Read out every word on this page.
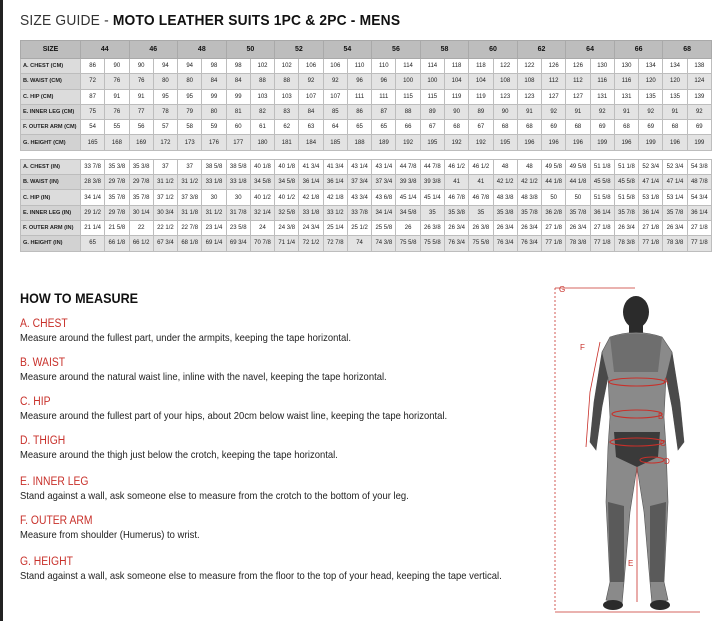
SIZE GUIDE - MOTO LEATHER SUITS 1PC & 2PC - MENS
SIZE	44		46		48		50		52		54		56		58		60		62		64		66		68	
A. CHEST (CM)	86	90	90	94	94	98	98	102	102	106	106	110	110	114	114	118	118	122	122	126	126	130	130	134	134	138
B. WAIST (CM)	72	76	76	80	80	84	84	88	88	92	92	96	96	100	100	104	104	108	108	112	112	116	116	120	120	124
C. HIP (CM)	87	91	91	95	95	99	99	103	103	107	107	111	111	115	115	119	119	123	123	127	127	131	131	135	135	139
E. INNER LEG (CM)	75	76	77	78	79	80	81	82	83	84	85	86	87	88	89	90	89	90	91	92	91	92	91	92	91	92
F. OUTER ARM (CM)	54	55	56	57	58	59	60	61	62	63	64	65	65	66	67	68	67	68	68	69	68	69	68	69	68	69
G. HEIGHT (CM)	165	168	169	172	173	176	177	180	181	184	185	188	189	192	195	192	192	195	196	196	196	199	196	199	196	199

A. CHEST (IN)	33 7/8	35 3/8	35 3/8	37	37	38 5/8	38 5/8	40 1/8	40 1/8	41 3/4	41 3/4	43 1/4	43 1/4	44 7/8	44 7/8	46 1/2	46 1/2	48	48	49 5/8	49 5/8	51 1/8	51 1/8	52 3/4	52 3/4	54 3/8
B. WAIST (IN)	28 3/8	29 7/8	29 7/8	31 1/2	31 1/2	33 1/8	33 1/8	34 5/8	34 5/8	36 1/4	36 1/4	37 3/4	37 3/4	39 3/8	39 3/8	41	41	42 1/2	42 1/2	44 1/8	44 1/8	45 5/8	45 5/8	47 1/4	47 1/4	48 7/8
C. HIP (IN)	34 1/4	35 7/8	35 7/8	37 1/2	37 3/8	30	30	40 1/2	40 1/2	42 1/8	42 1/8	43 3/4	43 6/8	45 1/4	45 1/4	46 7/8	46 7/8	48 3/8	48 3/8	50	50	51 5/8	51 5/8	53 1/8	53 1/4	54 3/4
E. INNER LEG (IN)	29 1/2	29 7/8	30 1/4	30 3/4	31 1/8	31 1/2	31 7/8	32 1/4	32 5/8	33 1/8	33 1/2	33 7/8	34 1/4	34 5/8	35	35 3/8	35	35 3/8	35 7/8	36 2/8	35 7/8	36 1/4	35 7/8	36 1/4	35 7/8	36 1/4
F. OUTER ARM (IN)	21 1/4	21 5/8	22	22 1/2	22 7/8	23 1/4	23 5/8	24	24 3/8	24 3/4	25 1/4	25 1/2	25 5/8	26	26 3/8	26 3/4	26 3/8	26 3/4	26 3/4	27 1/8	26 3/4	27 1/8	26 3/4	27 1/8	26 3/4	27 1/8
G. HEIGHT (IN)	65	66 1/8	66 1/2	67 3/4	68 1/8	69 1/4	69 3/4	70 7/8	71 1/4	72 1/2	72 7/8	74	74 3/8	75 5/8	75 5/8	76 3/4	75 5/8	76 3/4	76 3/4	77 1/8	78 3/8	77 1/8	78 3/8	77 1/8	78 3/8	77 1/8
HOW TO MEASURE
A. CHEST
Measure around the fullest part, under the armpits, keeping the tape horizontal.
B. WAIST
Measure around the natural waist line, inline with the navel, keeping the tape horizontal.
C. HIP
Measure around the fullest part of your hips, about 20cm below waist line, keeping the tape horizontal.
D. THIGH
Measure around the thigh just below the crotch, keeping the tape horizontal.
E. INNER LEG
Stand against a wall, ask someone else to measure from the crotch to the bottom of your leg.
F. OUTER ARM
Measure from shoulder (Humerus) to wrist.
G. HEIGHT
Stand against a wall, ask someone else to measure from the floor to the top of your head, keeping the tape vertical.
G
A
B
C
D
E
F
